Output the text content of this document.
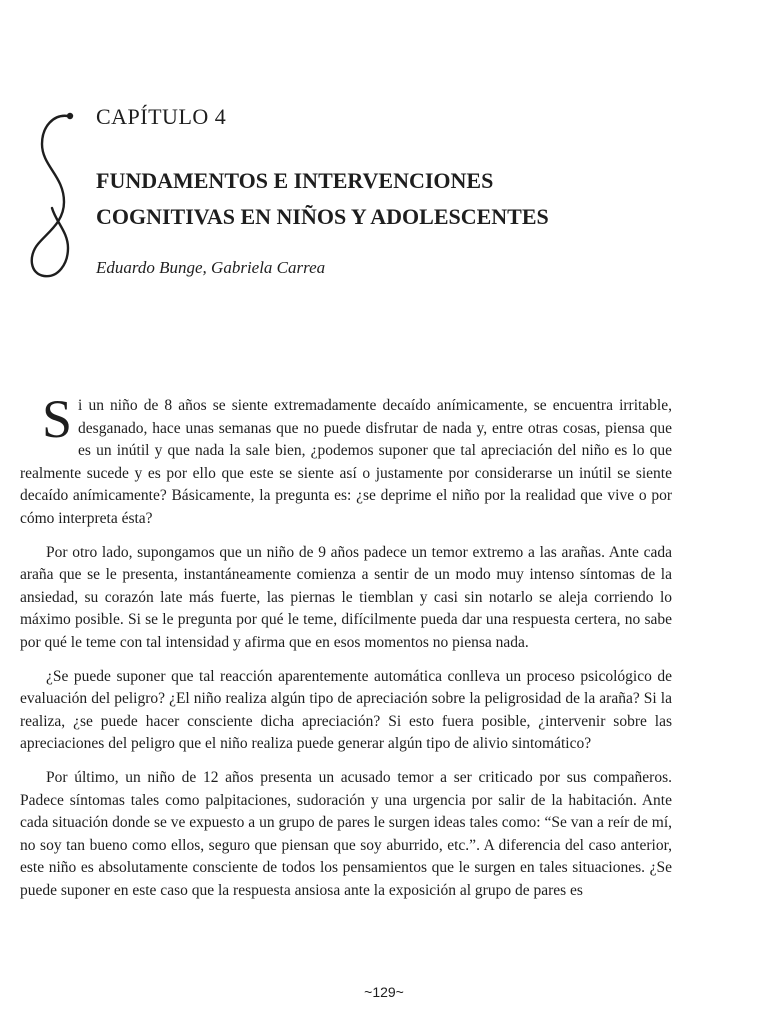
CAPÍTULO 4
FUNDAMENTOS E INTERVENCIONES
COGNITIVAS EN NIÑOS Y ADOLESCENTES

Eduardo Bunge, Gabriela Carrea

Si un niño de 8 años se siente extremadamente decaído anímicamente, se encuentra irritable, desganado, hace unas semanas que no puede disfrutar de nada y, entre otras cosas, piensa que es un inútil y que nada la sale bien, ¿podemos suponer que tal apreciación del niño es lo que realmente sucede y es por ello que este se siente así o justamente por considerarse un inútil se siente decaído anímicamente? Básicamente, la pregunta es: ¿se deprime el niño por la realidad que vive o por cómo interpreta ésta?

Por otro lado, supongamos que un niño de 9 años padece un temor extremo a las arañas. Ante cada araña que se le presenta, instantáneamente comienza a sentir de un modo muy intenso síntomas de la ansiedad, su corazón late más fuerte, las piernas le tiemblan y casi sin notarlo se aleja corriendo lo máximo posible. Si se le pregunta por qué le teme, difícilmente pueda dar una respuesta certera, no sabe por qué le teme con tal intensidad y afirma que en esos momentos no piensa nada.

¿Se puede suponer que tal reacción aparentemente automática conlleva un proceso psicológico de evaluación del peligro? ¿El niño realiza algún tipo de apreciación sobre la peligrosidad de la araña? Si la realiza, ¿se puede hacer consciente dicha apreciación? Si esto fuera posible, ¿intervenir sobre las apreciaciones del peligro que el niño realiza puede generar algún tipo de alivio sintomático?

Por último, un niño de 12 años presenta un acusado temor a ser criticado por sus compañeros. Padece síntomas tales como palpitaciones, sudoración y una urgencia por salir de la habitación. Ante cada situación donde se ve expuesto a un grupo de pares le surgen ideas tales como: “Se van a reír de mí, no soy tan bueno como ellos, seguro que piensan que soy aburrido, etc.”. A diferencia del caso anterior, este niño es absolutamente consciente de todos los pensamientos que le surgen en tales situaciones. ¿Se puede suponer en este caso que la respuesta ansiosa ante la exposición al grupo de pares es

~129~
